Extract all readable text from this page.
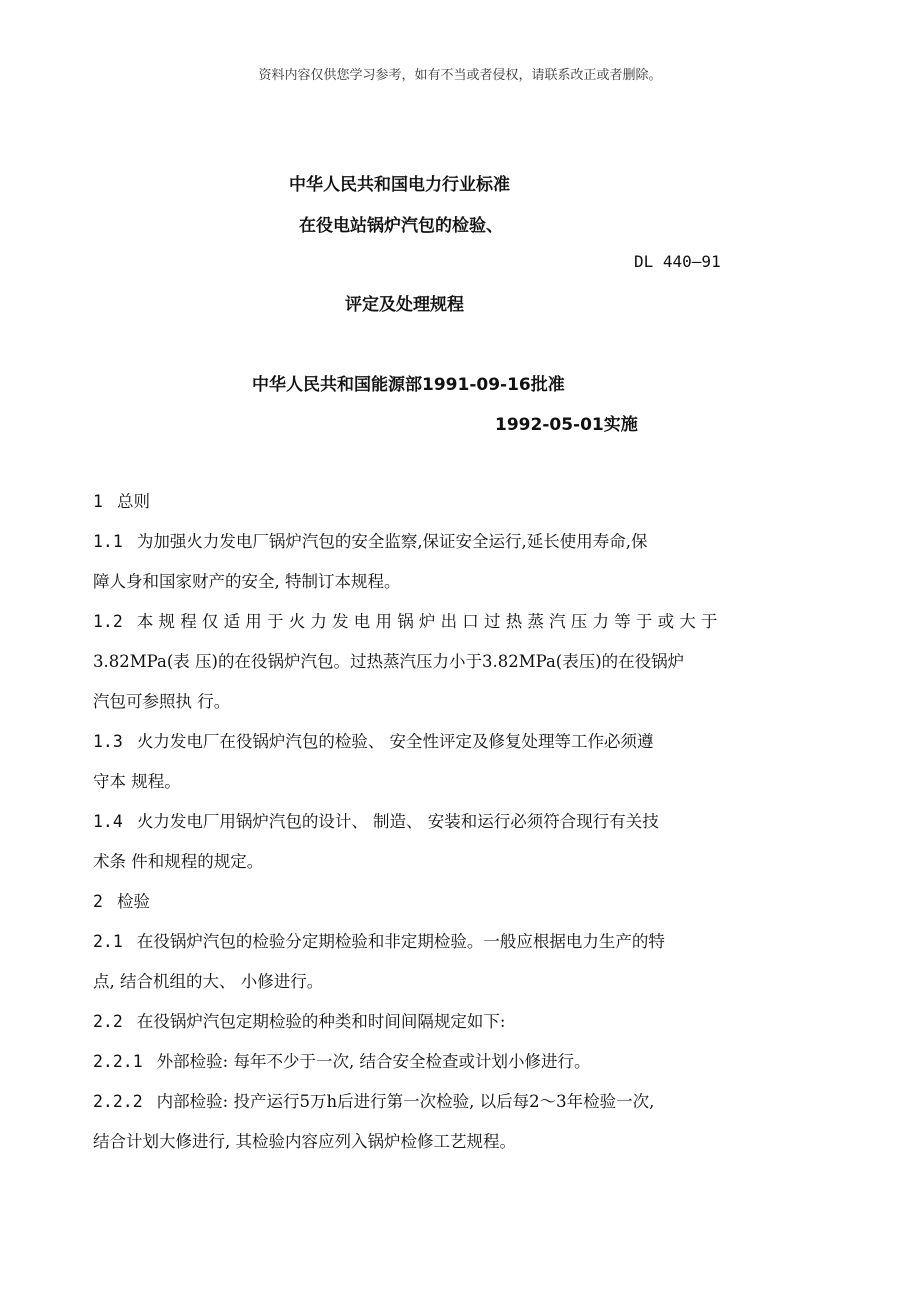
资料内容仅供您学习参考，如有不当或者侵权，请联系改正或者删除。
中华人民共和国电力行业标准
在役电站锅炉汽包的检验、
DL 440—91
评定及处理规程
中华人民共和国能源部1991-09-16批准
1992-05-01实施
1 总则
1.1 为加强火力发电厂锅炉汽包的安全监察,保证安全运行,延长使用寿命,保
障人身和国家财产的安全, 特制订本规程。
1.2 本规程仅适用于火力发电用锅炉出口过热蒸汽压力等于或大于
3.82MPa(表 压)的在役锅炉汽包。过热蒸汽压力小于3.82MPa(表压)的在役锅炉
汽包可参照执 行。
1.3 火力发电厂在役锅炉汽包的检验、 安全性评定及修复处理等工作必须遵
守本 规程。
1.4 火力发电厂用锅炉汽包的设计、 制造、 安装和运行必须符合现行有关技
术条 件和规程的规定。
2 检验
2.1 在役锅炉汽包的检验分定期检验和非定期检验。一般应根据电力生产的特
点, 结合机组的大、 小修进行。
2.2 在役锅炉汽包定期检验的种类和时间间隔规定如下:
2.2.1 外部检验: 每年不少于一次, 结合安全检查或计划小修进行。
2.2.2 内部检验: 投产运行5万h后进行第一次检验, 以后每2～3年检验一次,
结合计划大修进行, 其检验内容应列入锅炉检修工艺规程。
